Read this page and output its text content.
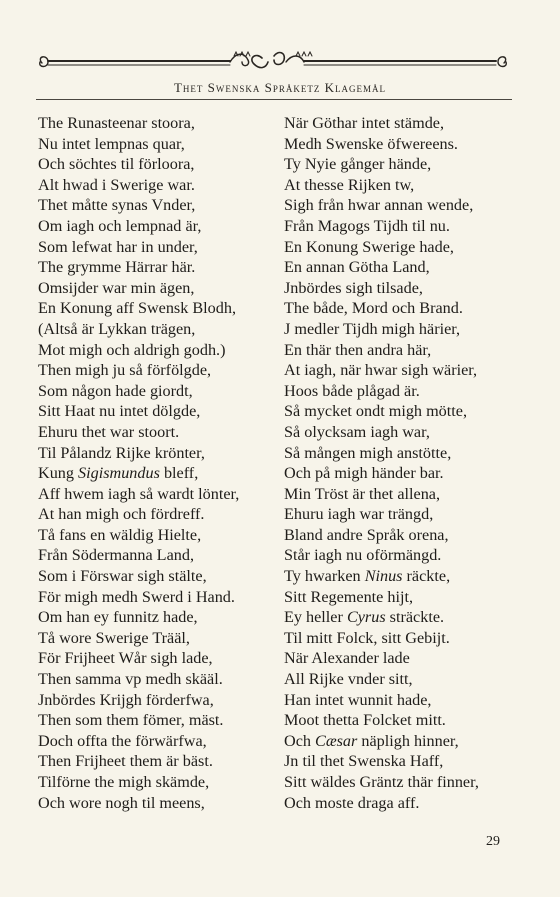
Thet Swenska Språketz Klagemål
The Runasteenar stoora,
Nu intet lempnas quar,
Och söchtes til förloora,
Alt hwad i Swerige war.
Thet måtte synas Vnder,
Om iagh och lempnad är,
Som lefwat har in under,
The grymme Härrar här.
Omsijder war min ägen,
En Konung aff Swensk Blodh,
(Altså är Lykkan trägen,
Mot migh och aldrigh godh.)
Then migh ju så förfölgde,
Som någon hade giordt,
Sitt Haat nu intet dölgde,
Ehuru thet war stoort.
Til Pålandz Rijke krönter,
Kung Sigismundus bleff,
Aff hwem iagh så wardt lönter,
At han migh och fördreff.
Tå fans en wäldig Hielte,
Från Södermanna Land,
Som i Förswar sigh stälte,
För migh medh Swerd i Hand.
Om han ey funnitz hade,
Tå wore Swerige Trääl,
För Frijheet Wår sigh lade,
Then samma vp medh skääl.
Jnbördes Krijgh förderfwa,
Then som them fömer, mäst.
Doch offta the förwärfwa,
Then Frijheet them är bäst.
Tilförne the migh skämde,
Och wore nogh til meens,
När Göthar intet stämde,
Medh Swenske öfwereens.
Ty Nyie gånger hände,
At thesse Rijken tw,
Sigh från hwar annan wende,
Från Magogs Tijdh til nu.
En Konung Swerige hade,
En annan Götha Land,
Jnbördes sigh tilsade,
The både, Mord och Brand.
J medler Tijdh migh härier,
En thär then andra här,
At iagh, när hwar sigh wärier,
Hoos både plågad är.
Så mycket ondt migh mötte,
Så olycksam iagh war,
Så mången migh anstötte,
Och på migh händer bar.
Min Tröst är thet allena,
Ehuru iagh war trängd,
Bland andre Språk orena,
Står iagh nu oförmängd.
Ty hwarken Ninus räckte,
Sitt Regemente hijt,
Ey heller Cyrus sträckte.
Til mitt Folck, sitt Gebijt.
När Alexander lade
All Rijke vnder sitt,
Han intet wunnit hade,
Moot thetta Folcket mitt.
Och Cæsar näpligh hinner,
Jn til thet Swenska Haff,
Sitt wäldes Gräntz thär finner,
Och moste draga aff.
29
